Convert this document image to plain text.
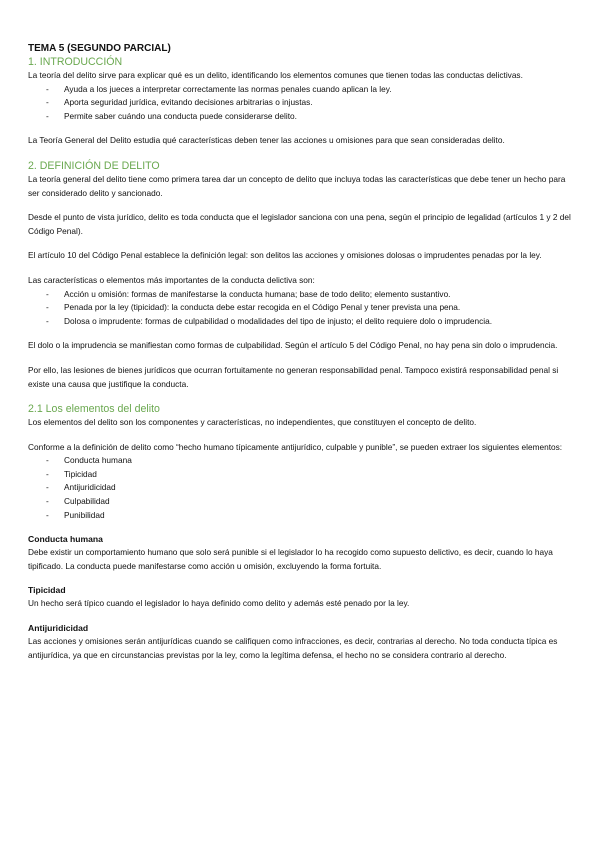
TEMA 5 (SEGUNDO PARCIAL)

1. INTRODUCCIÓN

La teoría del delito sirve para explicar qué es un delito, identificando los elementos comunes que tienen todas las conductas delictivas.

- Ayuda a los jueces a interpretar correctamente las normas penales cuando aplican la ley.
- Aporta seguridad jurídica, evitando decisiones arbitrarias o injustas.
- Permite saber cuándo una conducta puede considerarse delito.

La Teoría General del Delito estudia qué características deben tener las acciones u omisiones para que sean consideradas delito.

2. DEFINICIÓN DE DELITO

La teoría general del delito tiene como primera tarea dar un concepto de delito que incluya todas las características que debe tener un hecho para ser considerado delito y sancionado.

Desde el punto de vista jurídico, delito es toda conducta que el legislador sanciona con una pena, según el principio de legalidad (artículos 1 y 2 del Código Penal).

El artículo 10 del Código Penal establece la definición legal: son delitos las acciones y omisiones dolosas o imprudentes penadas por la ley.

Las características o elementos más importantes de la conducta delictiva son:

- Acción u omisión: formas de manifestarse la conducta humana; base de todo delito; elemento sustantivo.
- Penada por la ley (tipicidad): la conducta debe estar recogida en el Código Penal y tener prevista una pena.
- Dolosa o imprudente: formas de culpabilidad o modalidades del tipo de injusto; el delito requiere dolo o imprudencia.

El dolo o la imprudencia se manifiestan como formas de culpabilidad. Según el artículo 5 del Código Penal, no hay pena sin dolo o imprudencia.

Por ello, las lesiones de bienes jurídicos que ocurran fortuitamente no generan responsabilidad penal. Tampoco existirá responsabilidad penal si existe una causa que justifique la conducta.

2.1 Los elementos del delito

Los elementos del delito son los componentes y características, no independientes, que constituyen el concepto de delito.

Conforme a la definición de delito como “hecho humano típicamente antijurídico, culpable y punible”, se pueden extraer los siguientes elementos:

- Conducta humana
- Tipicidad
- Antijuridicidad
- Culpabilidad
- Punibilidad
Conducta humana

Debe existir un comportamiento humano que solo será punible si el legislador lo ha recogido como supuesto delictivo, es decir, cuando lo haya tipificado. La conducta puede manifestarse como acción u omisión, excluyendo la forma fortuita.

Tipicidad

Un hecho será típico cuando el legislador lo haya definido como delito y además esté penado por la ley.

Antijuridicidad

Las acciones y omisiones serán antijurídicas cuando se califiquen como infracciones, es decir, contrarias al derecho. No toda conducta típica es antijurídica, ya que en circunstancias previstas por la ley, como la legítima defensa, el hecho no se considera contrario al derecho.
